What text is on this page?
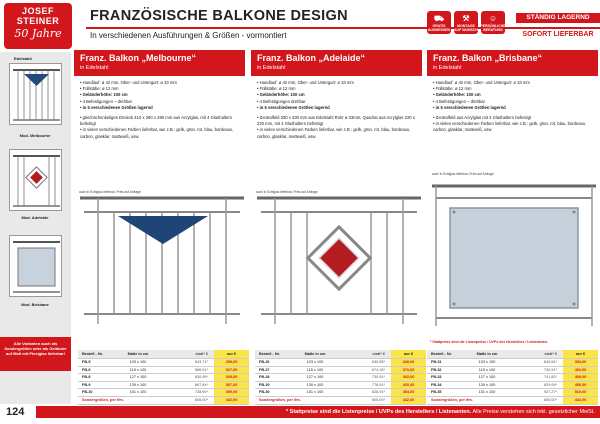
JOSEF
STEINER
50 Jahre
FRANZÖSISCHE BALKONE DESIGN
In verschiedenen Ausführungen & Größen - vormontiert
⛟
GRATIS AUSMESSEN
⚒
MONTAGE AUF WUNSCH
☺
PERSÖNLICHE BERATUNG
STÄNDIG LAGERND
SOFORT LIEFERBAR
Edelstahl
Mod. Melbourne
Mod. Adelaide
Mod. Brisbane
Alle Varianten auch als Sondergrößen oder als Geländer auf Maß mit Plexiglas lieferbar!
Franz. Balkon „Melbourne“
in Edelstahl
• Handlauf: ø 42 mm, Ober- und Untergurt: ø 33 mm
• Füllstäbe: ø 12 mm
• Geländerhöhe: 100 cm
• 4 Befestigungen – drehbar
• in 5 verschiedenen Größen lagernd
• gleichschenkeliges Dreieck 410 x 290 x 290 mm aus Acrylglas, mit 4 Glashaltern befestigt
• in vielen verschiedenen Farben lieferbar, wie z.B.: gelb, grün, rot, blau, bordeaux, carbon, glasklar, mattweiß, usw.
auch in Echtglas lieferbar, Preis auf Anfrage
Franz. Balkon „Adelaide“
in Edelstahl
• Handlauf: ø 42 mm, Ober- und Untergurt: ø 33 mm
• Füllstäbe: ø 12 mm
• Geländerhöhe: 100 cm
• 4 Befestigungen drehbar
• in 5 verschiedenen Größen lagernd
• Zentralfeld 330 x 330 mm aus Edelstahl Rohr ø 33mm, Quadrat aus Acrylglas 220 x 220 mm, mit 4 Glashaltern befestigt
• in vielen verschiedenen Farben lieferbar, wie z.B.: gelb, grün, rot, blau, bordeaux, carbon, glasklar, mattweiß, usw.
auch in Echtglas lieferbar, Preis auf Anfrage
Franz. Balkon „Brisbane“
in Edelstahl
• Handlauf: ø 42 mm, Ober- und Untergurt: ø 33 mm
• Füllstäbe: ø 12 mm
• Geländerhöhe: 100 cm
• 4 Befestigungen – drehbar
• in 5 verschiedenen Größen lagernd
• Zentralfeld aus Acrylglas mit 4 Glashaltern befestigt
• in vielen verschiedenen Farben lieferbar, wie z.B.: gelb, grün, rot, blau, bordeaux, carbon, glasklar, mattweiß, usw.
auch in Echtglas lieferbar, Preis auf Anfrage
* Stattpreise sind die Listenpreise / UVPs des Herstellers / Listenanten.
Bestell - Nr.	Maße in cm	statt* €	nur €
FB-5	103 x 100	543,71*	259,00
FB-6	115 x 100	586,91*	327,00
FB-8	127 x 100	630,95*	349,00
FB-9	139 x 100	667,84*	367,00
FB-10	151 x 100	728,90*	399,00
Sondergrößen, per lfm.	805,00*	442,00
Bestell - Nr.	Maße in cm	statt* €	nur €
FB-26	103 x 100	630,58*	349,00
FB-27	115 x 100	674,18*	370,00
FB-28	127 x 100	730,91*	402,00
FB-29	139 x 100	778,91*	420,40
FB-30	151 x 100	826,91*	454,00
Sondergrößen, per lfm.	805,00*	442,00
Bestell - Nr.	Maße in cm	statt* €	nur €
FB-31	103 x 100	643,64*	354,00
FB-32	115 x 100	730,91*	402,00
FB-33	127 x 100	741,82*	408,00
FB-34	139 x 100	829,09*	456,00
FB-35	151 x 100	927,27*	510,00
Sondergrößen, per lfm.	805,00*	442,00
124	* Stattpreise sind die Listenpreise / UVPs des Herstellers / Listenanten. Alle Preise verstehen sich inkl. gesetzlicher MwSt.
